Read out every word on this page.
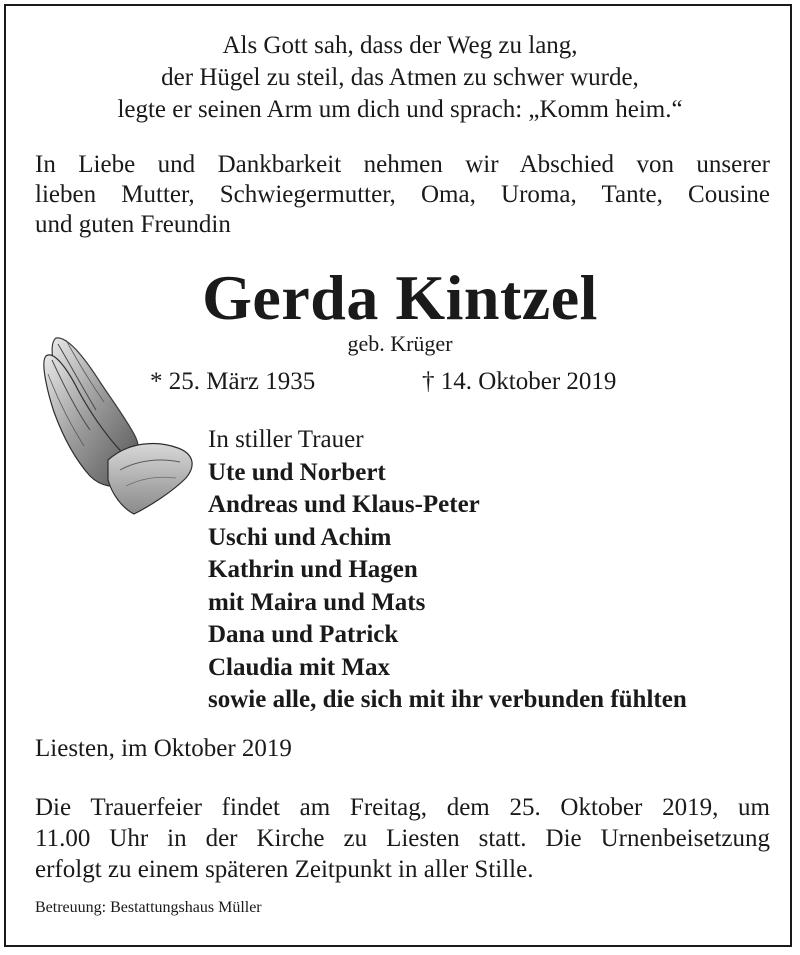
Als Gott sah, dass der Weg zu lang,
der Hügel zu steil, das Atmen zu schwer wurde,
legte er seinen Arm um dich und sprach: „Komm heim.“
In Liebe und Dankbarkeit nehmen wir Abschied von unserer
lieben Mutter, Schwiegermutter, Oma, Uroma, Tante, Cousine
und guten Freundin
Gerda Kintzel
geb. Krüger
* 25. März 1935	† 14. Oktober 2019
In stiller Trauer
Ute und Norbert
Andreas und Klaus-Peter
Uschi und Achim
Kathrin und Hagen
mit Maira und Mats
Dana und Patrick
Claudia mit Max
sowie alle, die sich mit ihr verbunden fühlten
Liesten, im Oktober 2019
Die Trauerfeier findet am Freitag, dem 25. Oktober 2019, um
11.00 Uhr in der Kirche zu Liesten statt. Die Urnenbeisetzung
erfolgt zu einem späteren Zeitpunkt in aller Stille.
Betreuung: Bestattungshaus Müller
